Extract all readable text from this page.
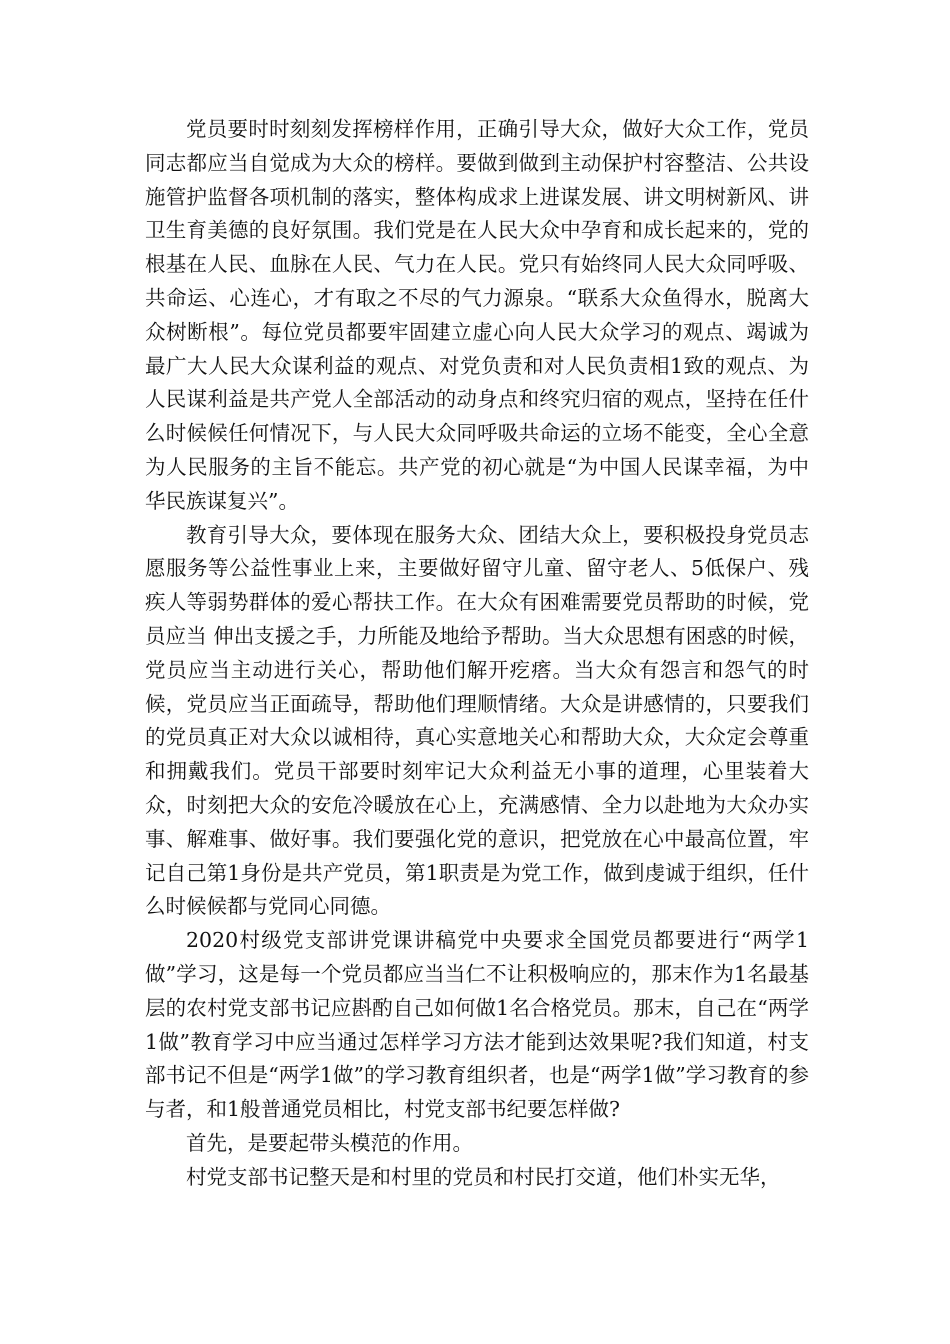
党员要时时刻刻发挥榜样作用，正确引导大众，做好大众工作，党员同志都应当自觉成为大众的榜样。要做到做到主动保护村容整洁、公共设施管护监督各项机制的落实，整体构成求上进谋发展、讲文明树新风、讲卫生育美德的良好氛围。我们党是在人民大众中孕育和成长起来的，党的根基在人民、血脉在人民、气力在人民。党只有始终同人民大众同呼吸、共命运、心连心，才有取之不尽的气力源泉。“联系大众鱼得水，脱离大众树断根”。每位党员都要牢固建立虚心向人民大众学习的观点、竭诚为最广大人民大众谋利益的观点、对党负责和对人民负责相1致的观点、为人民谋利益是共产党人全部活动的动身点和终究归宿的观点，坚持在任什么时候候任何情况下，与人民大众同呼吸共命运的立场不能变，全心全意为人民服务的主旨不能忘。共产党的初心就是“为中国人民谋幸福，为中华民族谋复兴”。

教育引导大众，要体现在服务大众、团结大众上，要积极投身党员志愿服务等公益性事业上来，主要做好留守儿童、留守老人、5低保户、残疾人等弱势群体的爱心帮扶工作。在大众有困难需要党员帮助的时候，党员应当 伸出支援之手，力所能及地给予帮助。当大众思想有困惑的时候，党员应当主动进行关心，帮助他们解开疙瘩。当大众有怨言和怨气的时候，党员应当正面疏导，帮助他们理顺情绪。大众是讲感情的，只要我们的党员真正对大众以诚相待，真心实意地关心和帮助大众，大众定会尊重和拥戴我们。党员干部要时刻牢记大众利益无小事的道理，心里装着大众，时刻把大众的安危冷暖放在心上，充满感情、全力以赴地为大众办实事、解难事、做好事。我们要强化党的意识，把党放在心中最高位置，牢记自己第1身份是共产党员，第1职责是为党工作，做到虔诚于组织，任什么时候候都与党同心同德。

2020村级党支部讲党课讲稿党中央要求全国党员都要进行“两学1做”学习，这是每一个党员都应当当仁不让积极响应的，那末作为1名最基层的农村党支部书记应斟酌自己如何做1名合格党员。那末，自己在“两学1做”教育学习中应当通过怎样学习方法才能到达效果呢?我们知道，村支部书记不但是“两学1做”的学习教育组织者，也是“两学1做”学习教育的参与者，和1般普通党员相比，村党支部书纪要怎样做?

首先，是要起带头模范的作用。

村党支部书记整天是和村里的党员和村民打交道，他们朴实无华，
